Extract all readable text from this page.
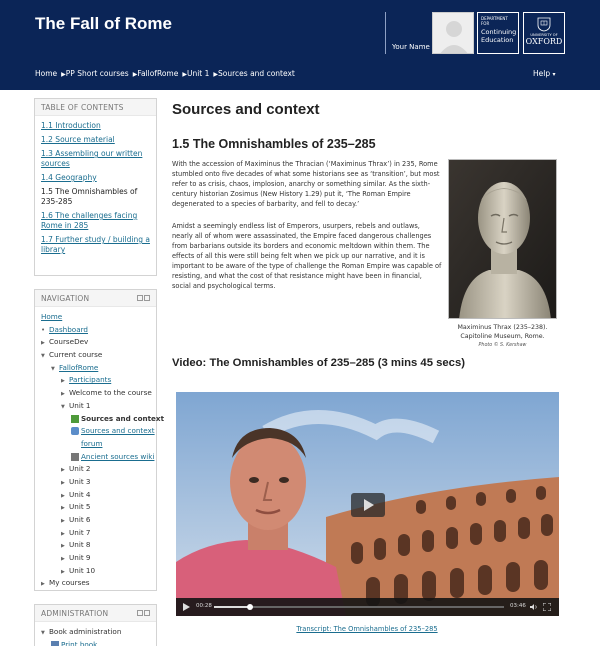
The Fall of Rome
Your Name
DEPARTMENT FOR
Continuing Education
UNIVERSITY OF
OXFORD
Home ▶PP Short courses ▶FallofRome ▶Unit 1 ▶Sources and context	Help ▾
TABLE OF CONTENTS
1.1 Introduction
1.2 Source material
1.3 Assembling our written sources
1.4 Geography
1.5 The Omnishambles of 235-285
1.6 The challenges facing Rome in 285
1.7 Further study / building a library
NAVIGATION
Home
• Dashboard
▶ CourseDev
▼ Current course
▼ FallofRome
▶ Participants
▶ Welcome to the course
▼ Unit 1
Sources and context
Sources and context
forum
Ancient sources wiki
▶ Unit 2
▶ Unit 3
▶ Unit 4
▶ Unit 5
▶ Unit 6
▶ Unit 7
▶ Unit 8
▶ Unit 9
▶ Unit 10
▶ My courses
ADMINISTRATION
▼ Book administration
Print book
Sources and context
1.5 The Omnishambles of 235–285

With the accession of Maximinus the Thracian (‘Maximinus Thrax’) in 235, Rome stumbled onto five decades of what some historians see as ‘transition’, but most refer to as crisis, chaos, implosion, anarchy or something similar. As the sixth-century historian Zosimus (New History 1.29) put it, ‘The Roman Empire degenerated to a species of barbarity, and fell to decay.’

Amidst a seemingly endless list of Emperors, usurpers, rebels and outlaws, nearly all of whom were assassinated, the Empire faced dangerous challenges from barbarians outside its borders and economic meltdown within them. The effects of all this were still being felt when we pick up our narrative, and it is important to be aware of the type of challenge the Roman Empire was capable of resisting, and what the cost of that resistance might have been in financial, social and psychological terms.

Maximinus Thrax (235–238).
Capitoline Museum, Rome.
Photo © S. Kershaw
Video: The Omnishambles of 235–285 (3 mins 45 secs)
00:28	03:46
Transcript: The Omnishambles of 235–285
